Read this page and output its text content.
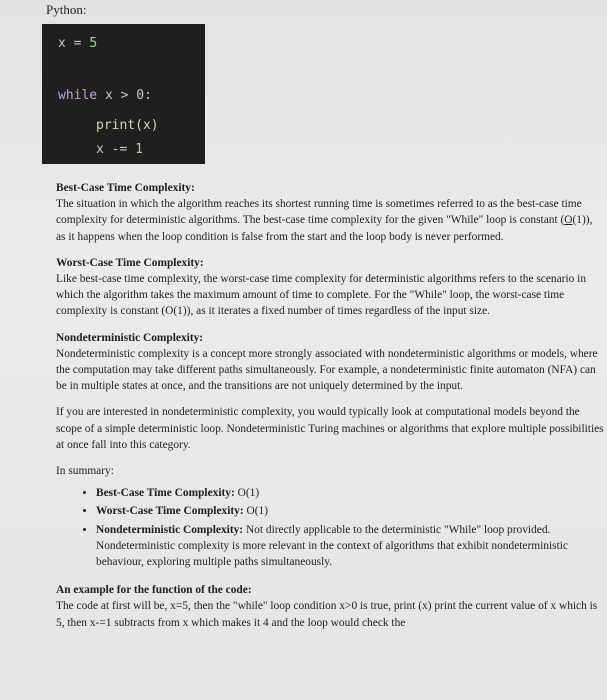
Python:
x = 5
while x > 0:
print(x)
x -= 1
Best-Case Time Complexity:
The situation in which the algorithm reaches its shortest running time is sometimes referred to as the best-case time complexity for deterministic algorithms. The best-case time complexity for the given "While" loop is constant (O(1)), as it happens when the loop condition is false from the start and the loop body is never performed.
Worst-Case Time Complexity:
Like best-case time complexity, the worst-case time complexity for deterministic algorithms refers to the scenario in which the algorithm takes the maximum amount of time to complete. For the "While" loop, the worst-case time complexity is constant (O(1)), as it iterates a fixed number of times regardless of the input size.
Nondeterministic Complexity:
Nondeterministic complexity is a concept more strongly associated with nondeterministic algorithms or models, where the computation may take different paths simultaneously. For example, a nondeterministic finite automaton (NFA) can be in multiple states at once, and the transitions are not uniquely determined by the input.
If you are interested in nondeterministic complexity, you would typically look at computational models beyond the scope of a simple deterministic loop. Nondeterministic Turing machines or algorithms that explore multiple possibilities at once fall into this category.
In summary:
• Best-Case Time Complexity: O(1)
• Worst-Case Time Complexity: O(1)
• Nondeterministic Complexity: Not directly applicable to the deterministic "While" loop provided. Nondeterministic complexity is more relevant in the context of algorithms that exhibit nondeterministic behaviour, exploring multiple paths simultaneously.
An example for the function of the code:
The code at first will be, x=5, then the "while" loop condition x>0 is true, print (x) print the current value of x which is 5, then x-=1 subtracts from x which makes it 4 and the loop would check the
